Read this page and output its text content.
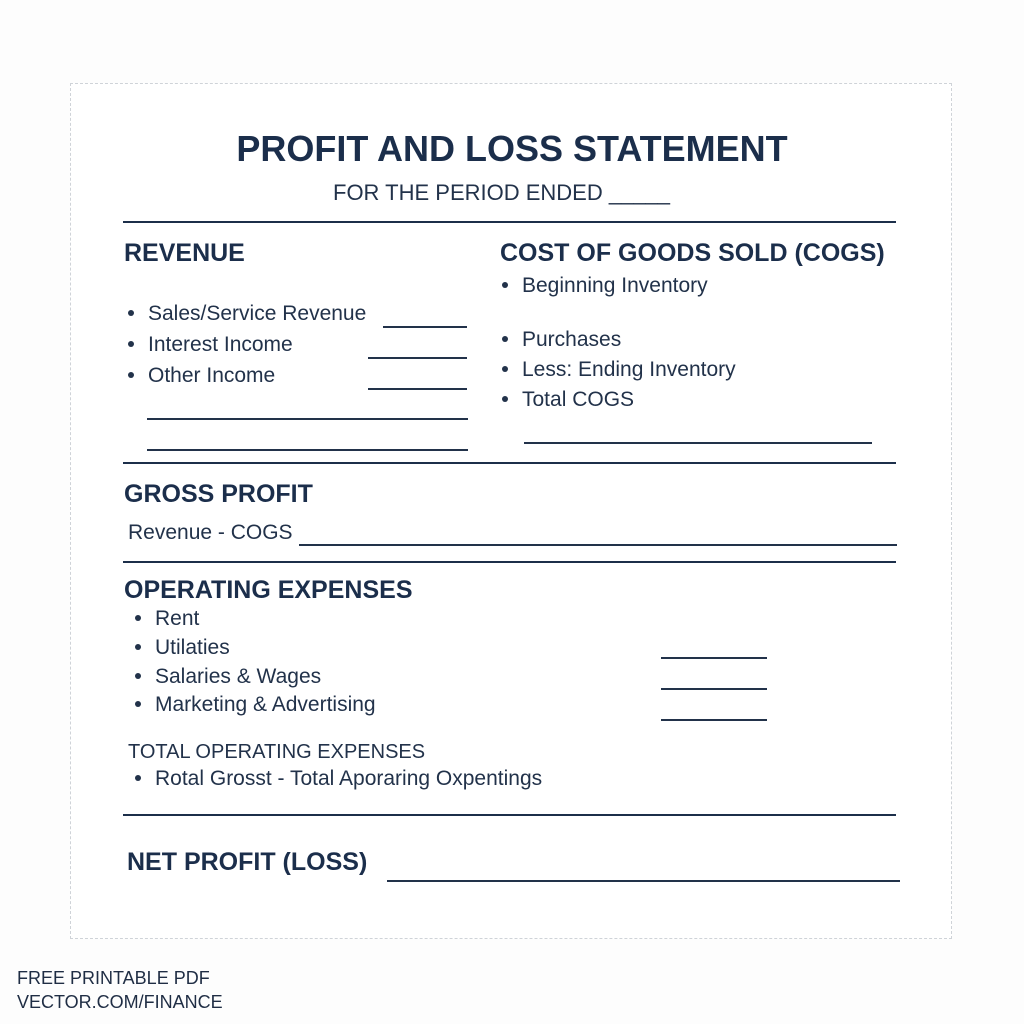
PROFIT AND LOSS STATEMENT
FOR THE PERIOD ENDED _____
REVENUE
Sales/Service Revenue
Interest Income
Other Income
COST OF GOODS SOLD (COGS)
Beginning Inventory
Purchases
Less: Ending Inventory
Total COGS
GROSS PROFIT
Revenue - COGS
OPERATING EXPENSES
Rent
Utilaties
Salaries & Wages
Marketing & Advertising
TOTAL OPERATING EXPENSES
Rotal Grosst - Total Aporaring Oxpentings
NET PROFIT (LOSS)
FREE PRINTABLE PDF
VECTOR.COM/FINANCE
